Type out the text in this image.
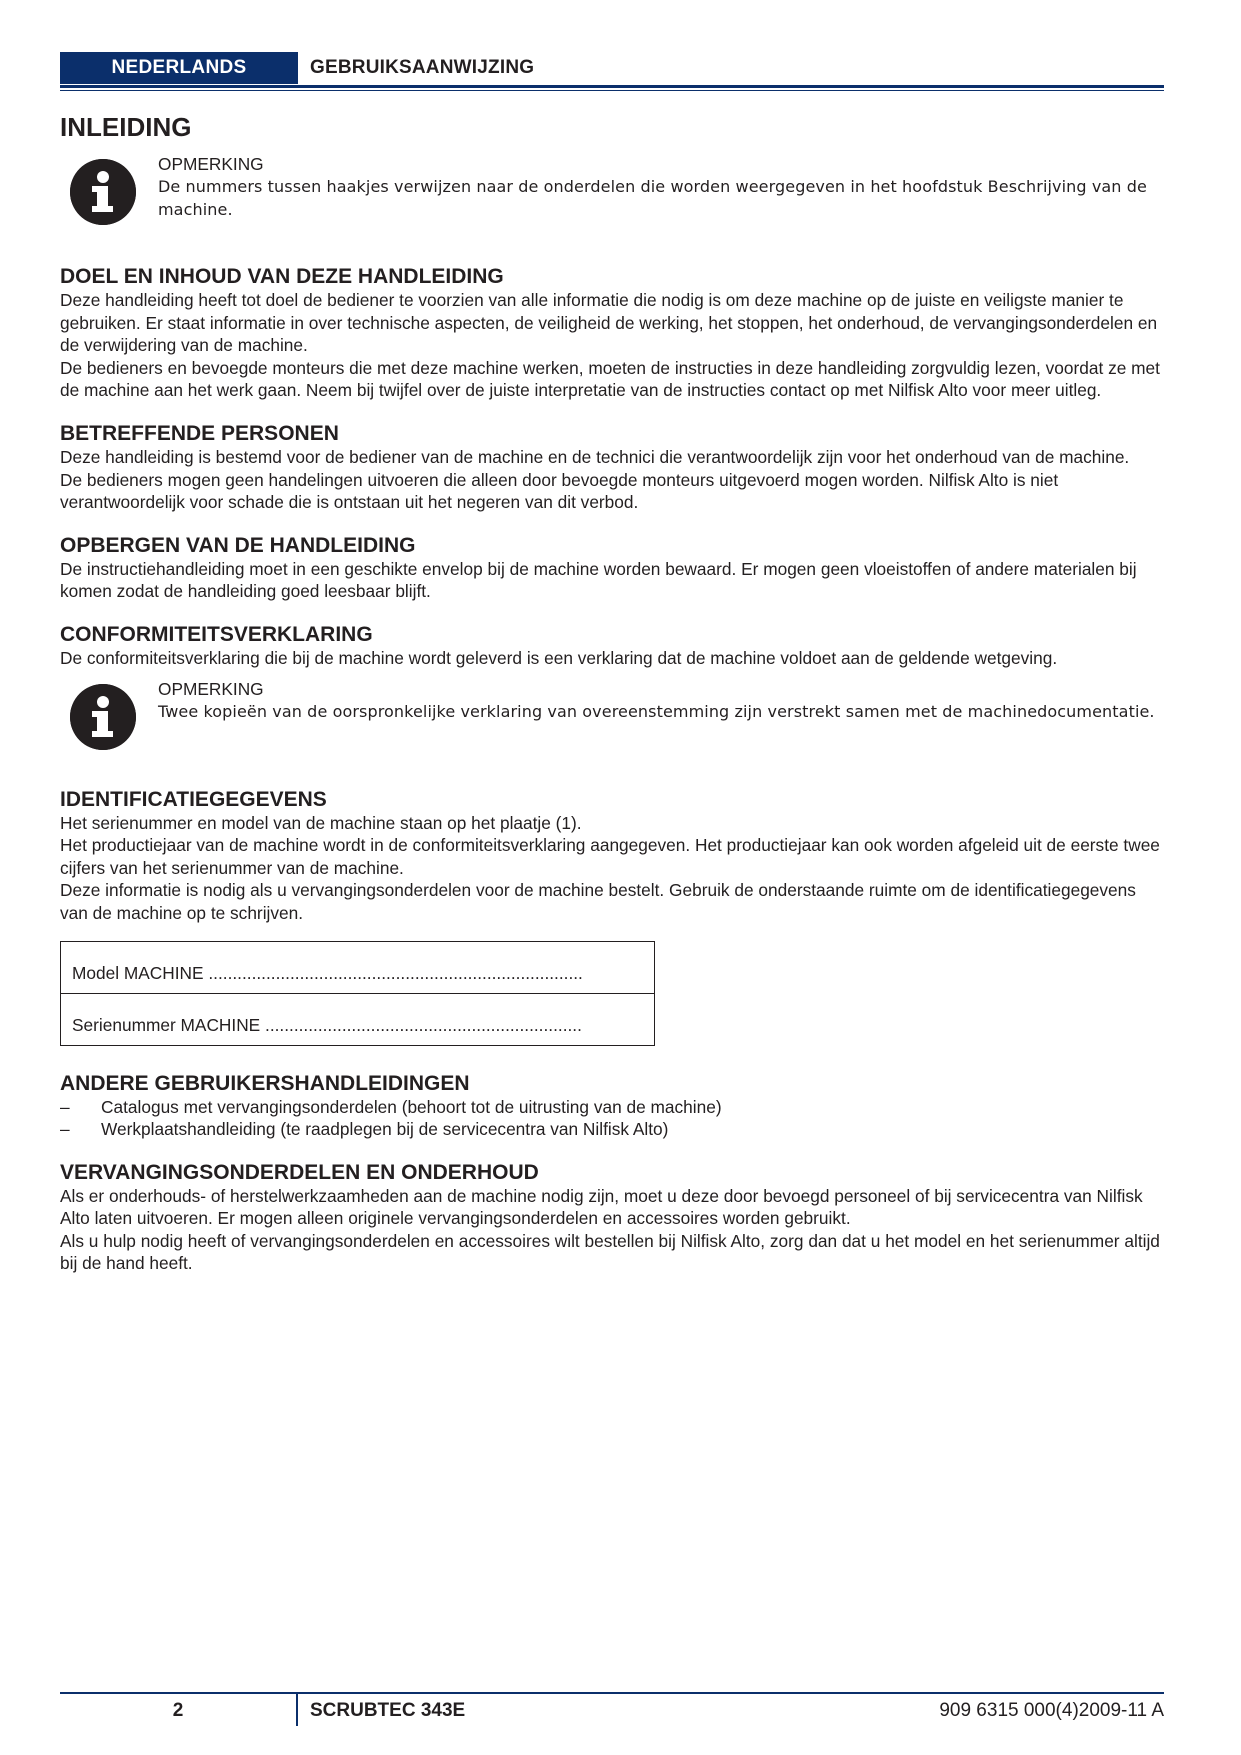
NEDERLANDS	GEBRUIKSAANWIJZING
INLEIDING
OPMERKING
De nummers tussen haakjes verwijzen naar de onderdelen die worden weergegeven in het hoofdstuk Beschrijving van de machine.
DOEL EN INHOUD VAN DEZE HANDLEIDING

Deze handleiding heeft tot doel de bediener te voorzien van alle informatie die nodig is om deze machine op de juiste en veiligste manier te gebruiken. Er staat informatie in over technische aspecten, de veiligheid de werking, het stoppen, het onderhoud, de vervangingsonderdelen en de verwijdering van de machine.

De bedieners en bevoegde monteurs die met deze machine werken, moeten de instructies in deze handleiding zorgvuldig lezen, voordat ze met de machine aan het werk gaan. Neem bij twijfel over de juiste interpretatie van de instructies contact op met Nilfisk Alto voor meer uitleg.

BETREFFENDE PERSONEN

Deze handleiding is bestemd voor de bediener van de machine en de technici die verantwoordelijk zijn voor het onderhoud van de machine.

De bedieners mogen geen handelingen uitvoeren die alleen door bevoegde monteurs uitgevoerd mogen worden. Nilfisk Alto is niet verantwoordelijk voor schade die is ontstaan uit het negeren van dit verbod.

OPBERGEN VAN DE HANDLEIDING

De instructiehandleiding moet in een geschikte envelop bij de machine worden bewaard. Er mogen geen vloeistoffen of andere materialen bij komen zodat de handleiding goed leesbaar blijft.

CONFORMITEITSVERKLARING

De conformiteitsverklaring die bij de machine wordt geleverd is een verklaring dat de machine voldoet aan de geldende wetgeving.

OPMERKING
Twee kopieën van de oorspronkelijke verklaring van overeenstemming zijn verstrekt samen met de machinedocumentatie.
IDENTIFICATIEGEGEVENS

Het serienummer en model van de machine staan op het plaatje (1).

Het productiejaar van de machine wordt in de conformiteitsverklaring aangegeven. Het productiejaar kan ook worden afgeleid uit de eerste twee cijfers van het serienummer van de machine.

Deze informatie is nodig als u vervangingsonderdelen voor de machine bestelt. Gebruik de onderstaande ruimte om de identificatiegegevens van de machine op te schrijven.

Model MACHINE ..............................................................................
Serienummer MACHINE ..................................................................
ANDERE GEBRUIKERSHANDLEIDINGEN
– Catalogus met vervangingsonderdelen (behoort tot de uitrusting van de machine)
– Werkplaatshandleiding (te raadplegen bij de servicecentra van Nilfisk Alto)
VERVANGINGSONDERDELEN EN ONDERHOUD

Als er onderhouds- of herstelwerkzaamheden aan de machine nodig zijn, moet u deze door bevoegd personeel of bij servicecentra van Nilfisk Alto laten uitvoeren. Er mogen alleen originele vervangingsonderdelen en accessoires worden gebruikt.

Als u hulp nodig heeft of vervangingsonderdelen en accessoires wilt bestellen bij Nilfisk Alto, zorg dan dat u het model en het serienummer altijd bij de hand heeft.

2	SCRUBTEC 343E	909 6315 000(4)2009-11 A
